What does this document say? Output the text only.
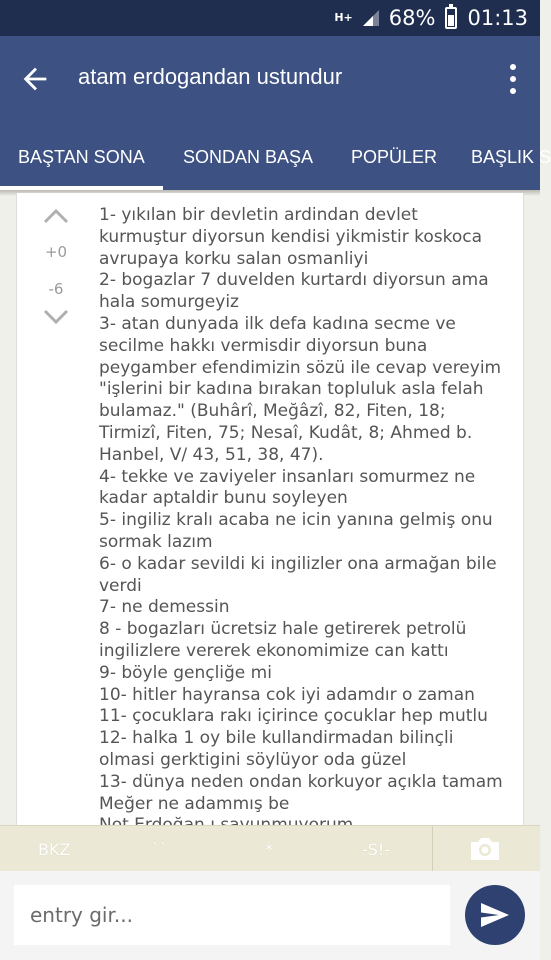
H+ 68% 01:13
atam erdogandan ustundur
BAŞTAN SONA SONDAN BAŞA POPÜLER BAŞLIK S
+0
-6

1- yıkılan bir devletin ardindan devlet kurmuştur diyorsun kendisi yikmistir koskoca avrupaya korku salan osmanliyi
2- bogazlar 7 duvelden kurtardı diyorsun ama hala somurgeyiz
3- atan dunyada ilk defa kadına secme ve secilme hakkı vermisdir diyorsun buna peygamber efendimizin sözü ile cevap vereyim "işlerini bir kadına bırakan topluluk asla felah bulamaz." (Buhârî, Meğâzî, 82, Fiten, 18; Tirmizî, Fiten, 75; Nesaî, Kudât, 8; Ahmed b. Hanbel, V/ 43, 51, 38, 47).
4- tekke ve zaviyeler insanları somurmez ne kadar aptaldir bunu soyleyen
5- ingiliz kralı acaba ne icin yanına gelmiş onu sormak lazım
6- o kadar sevildi ki ingilizler ona armağan bile verdi
7- ne demessin
8 - bogazları ücretsiz hale getirerek petrolü ingilizlere vererek ekonomimize can kattı
9- böyle gençliğe mi
10- hitler hayransa cok iyi adamdır o zaman
11- çocuklara rakı içirince çocuklar hep mutlu
12- halka 1 oy bile kullandirmadan bilinçli olmasi gerktigini söylüyor oda güzel
13- dünya neden ondan korkuyor açıkla tamam Meğer ne adammış be

BKZ	``	*	-S!-
entry gir...
